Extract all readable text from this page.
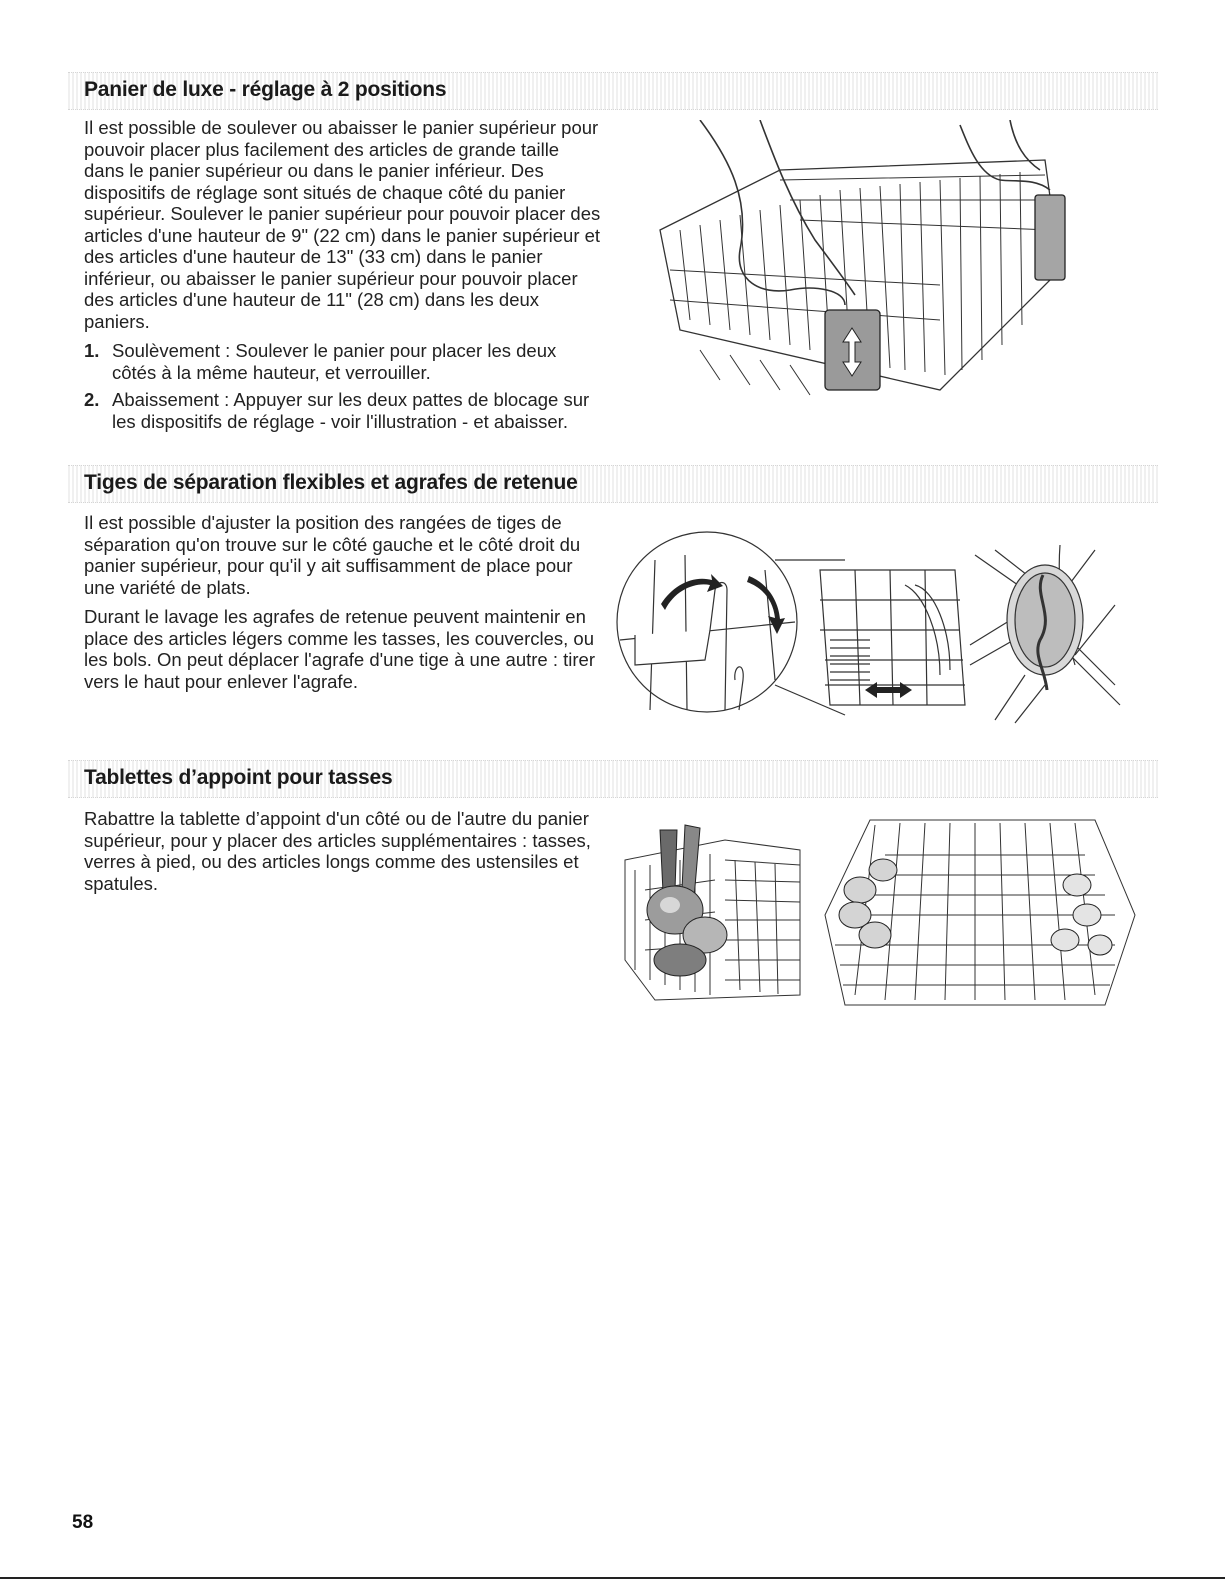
Panier de luxe - réglage à 2 positions

Il est possible de soulever ou abaisser le panier supérieur pour pouvoir placer plus facilement des articles de grande taille dans le panier supérieur ou dans le panier inférieur. Des dispositifs de réglage sont situés de chaque côté du panier supérieur. Soulever le panier supérieur pour pouvoir placer des articles d'une hauteur de 9" (22 cm) dans le panier supérieur et des articles d'une hauteur de 13" (33 cm) dans le panier inférieur, ou abaisser le panier supérieur pour pouvoir placer des articles d'une hauteur de 11" (28 cm) dans les deux paniers.

1. Soulèvement : Soulever le panier pour placer les deux côtés à la même hauteur, et verrouiller.
2. Abaissement : Appuyer sur les deux pattes de blocage sur les dispositifs de réglage - voir l'illustration - et abaisser.
Tiges de séparation flexibles et agrafes de retenue

Il est possible d'ajuster la position des rangées de tiges de séparation qu'on trouve sur le côté gauche et le côté droit du panier supérieur, pour qu'il y ait suffisamment de place pour une variété de plats.

Durant le lavage les agrafes de retenue peuvent maintenir en place des articles légers comme les tasses, les couvercles, ou les bols. On peut déplacer l'agrafe d'une tige à une autre : tirer vers le haut pour enlever l'agrafe.

Tablettes d’appoint pour tasses

Rabattre la tablette d’appoint d'un côté ou de l'autre du panier supérieur, pour y placer des articles supplémentaires : tasses, verres à pied, ou des articles longs comme des ustensiles et spatules.

58
